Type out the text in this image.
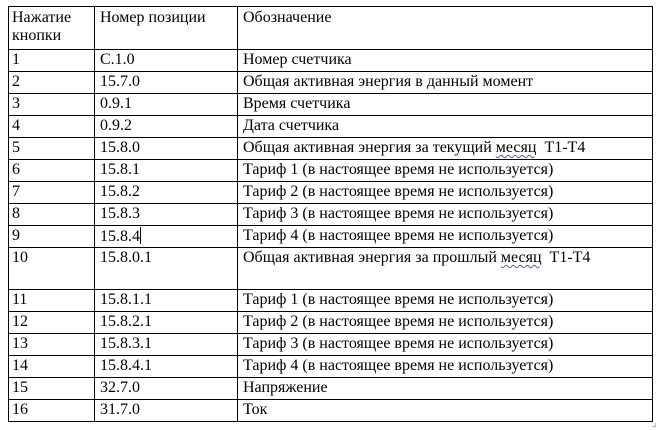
Нажатие кнопки	Номер позиции	Обозначение
1	С.1.0	Номер счетчика
2	15.7.0	Общая активная энергия в данный момент
3	0.9.1	Время счетчика
4	0.9.2	Дата счетчика
5	15.8.0	Общая активная энергия за текущий месяц  Т1-Т4
6	15.8.1	Тариф 1 (в настоящее время не используется)
7	15.8.2	Тариф 2 (в настоящее время не используется)
8	15.8.3	Тариф 3 (в настоящее время не используется)
9	15.8.4	Тариф 4 (в настоящее время не используется)
10	15.8.0.1	Общая активная энергия за прошлый месяц  Т1-Т4
11	15.8.1.1	Тариф 1 (в настоящее время не используется)
12	15.8.2.1	Тариф 2 (в настоящее время не используется)
13	15.8.3.1	Тариф 3 (в настоящее время не используется)
14	15.8.4.1	Тариф 4 (в настоящее время не используется)
15	32.7.0	Напряжение
16	31.7.0	Ток
